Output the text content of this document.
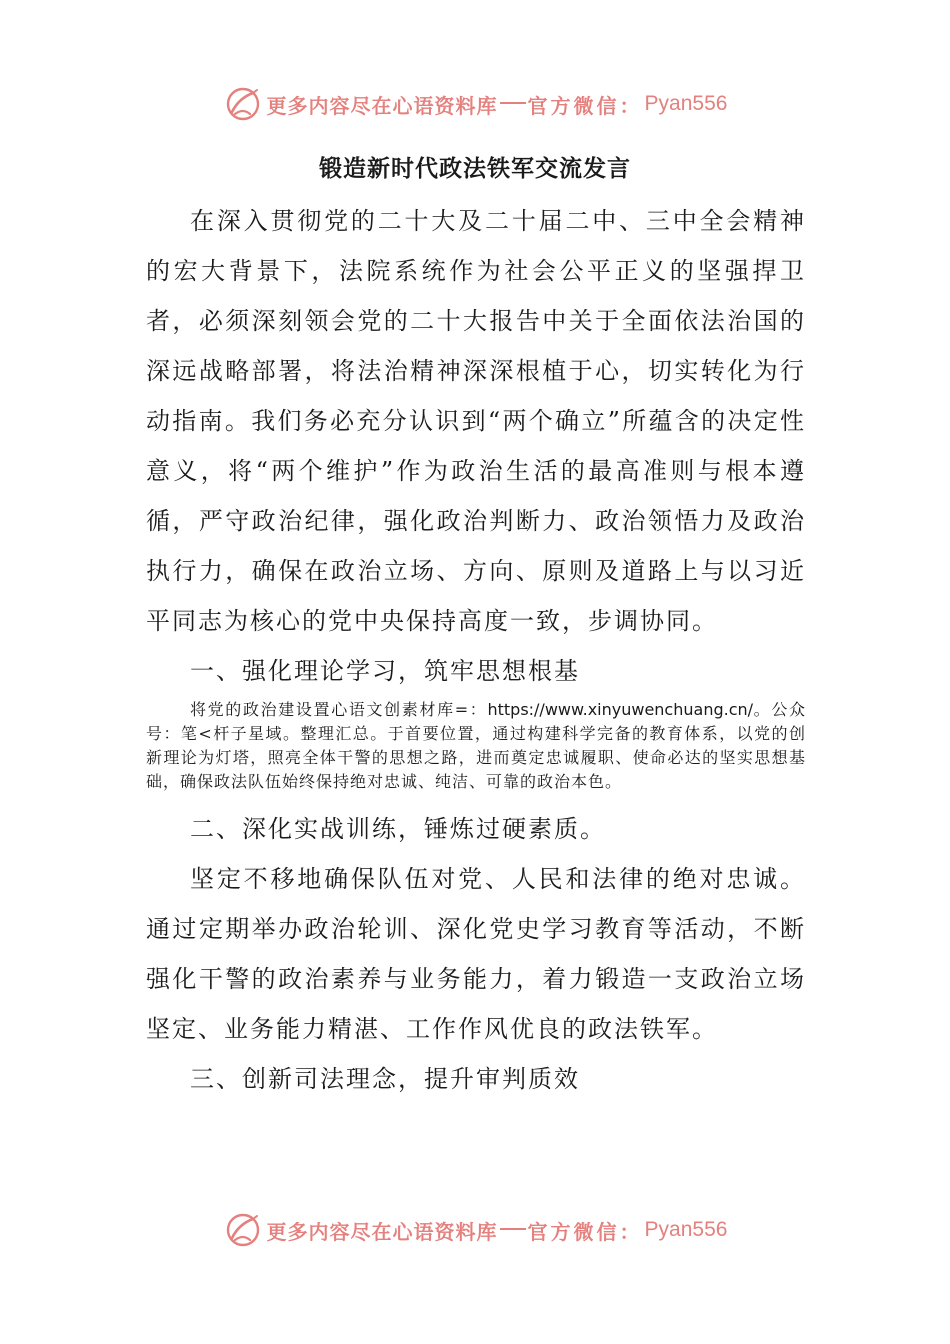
更多内容尽在心语资料库 官方微信： Pyan556
锻造新时代政法铁军交流发言

在深入贯彻党的二十大及二十届二中、三中全会精神的宏大背景下，法院系统作为社会公平正义的坚强捍卫者，必须深刻领会党的二十大报告中关于全面依法治国的深远战略部署，将法治精神深深根植于心，切实转化为行动指南。我们务必充分认识到“两个确立”所蕴含的决定性意义，将“两个维护”作为政治生活的最高准则与根本遵循，严守政治纪律，强化政治判断力、政治领悟力及政治执行力，确保在政治立场、方向、原则及道路上与以习近平同志为核心的党中央保持高度一致，步调协同。

一、强化理论学习，筑牢思想根基

将党的政治建设置心语文创素材库=：https://www.xinyuwenchuang.cn/。公众号：笔<杆子星域。整理汇总。于首要位置，通过构建科学完备的教育体系，以党的创新理论为灯塔，照亮全体干警的思想之路，进而奠定忠诚履职、使命必达的坚实思想基础，确保政法队伍始终保持绝对忠诚、纯洁、可靠的政治本色。

二、深化实战训练，锤炼过硬素质。

坚定不移地确保队伍对党、人民和法律的绝对忠诚。通过定期举办政治轮训、深化党史学习教育等活动，不断强化干警的政治素养与业务能力，着力锻造一支政治立场坚定、业务能力精湛、工作作风优良的政法铁军。

三、创新司法理念，提升审判质效

更多内容尽在心语资料库 官方微信： Pyan556
